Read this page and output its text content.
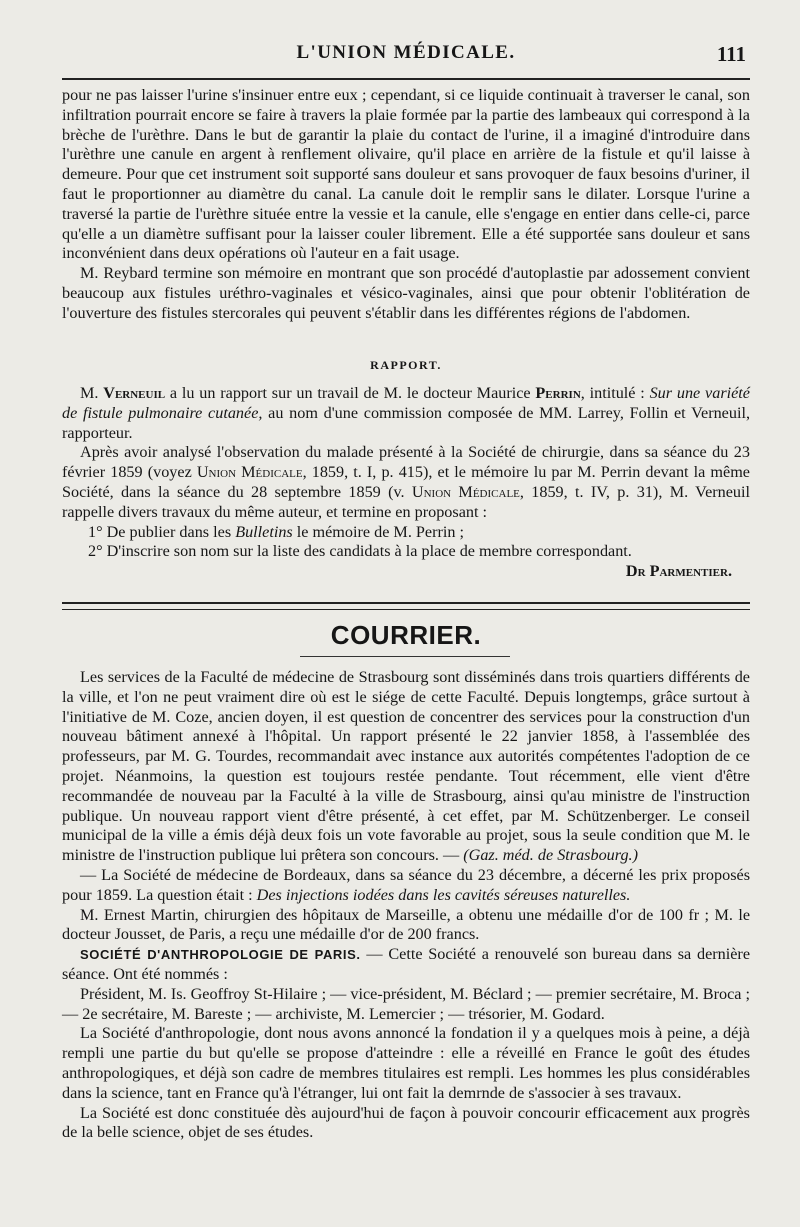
L'UNION MÉDICALE.	111

pour ne pas laisser l'urine s'insinuer entre eux ; cependant, si ce liquide continuait à traverser le canal, son infiltration pourrait encore se faire à travers la plaie formée par la partie des lambeaux qui correspond à la brèche de l'urèthre. Dans le but de garantir la plaie du contact de l'urine, il a imaginé d'introduire dans l'urèthre une canule en argent à renflement olivaire, qu'il place en arrière de la fistule et qu'il laisse à demeure. Pour que cet instrument soit supporté sans douleur et sans provoquer de faux besoins d'uriner, il faut le proportionner au diamètre du canal. La canule doit le remplir sans le dilater. Lorsque l'urine a traversé la partie de l'urèthre située entre la vessie et la canule, elle s'engage en entier dans celle-ci, parce qu'elle a un diamètre suffisant pour la laisser couler librement. Elle a été supportée sans douleur et sans inconvénient dans deux opérations où l'auteur en a fait usage.

M. Reybard termine son mémoire en montrant que son procédé d'autoplastie par adossement convient beaucoup aux fistules uréthro-vaginales et vésico-vaginales, ainsi que pour obtenir l'oblitération de l'ouverture des fistules stercorales qui peuvent s'établir dans les différentes régions de l'abdomen.

RAPPORT.

M. Verneuil a lu un rapport sur un travail de M. le docteur Maurice Perrin, intitulé : Sur une variété de fistule pulmonaire cutanée, au nom d'une commission composée de MM. Larrey, Follin et Verneuil, rapporteur.

Après avoir analysé l'observation du malade présenté à la Société de chirurgie, dans sa séance du 23 février 1859 (voyez Union Médicale, 1859, t. I, p. 415), et le mémoire lu par M. Perrin devant la même Société, dans la séance du 28 septembre 1859 (v. Union Médicale, 1859, t. IV, p. 31), M. Verneuil rappelle divers travaux du même auteur, et termine en proposant :

1° De publier dans les Bulletins le mémoire de M. Perrin ;

2° D'inscrire son nom sur la liste des candidats à la place de membre correspondant.

Dr Parmentier.
COURRIER.

Les services de la Faculté de médecine de Strasbourg sont disséminés dans trois quartiers différents de la ville, et l'on ne peut vraiment dire où est le siége de cette Faculté. Depuis longtemps, grâce surtout à l'initiative de M. Coze, ancien doyen, il est question de concentrer des services pour la construction d'un nouveau bâtiment annexé à l'hôpital. Un rapport présenté le 22 janvier 1858, à l'assemblée des professeurs, par M. G. Tourdes, recommandait avec instance aux autorités compétentes l'adoption de ce projet. Néanmoins, la question est toujours restée pendante. Tout récemment, elle vient d'être recommandée de nouveau par la Faculté à la ville de Strasbourg, ainsi qu'au ministre de l'instruction publique. Un nouveau rapport vient d'être présenté, à cet effet, par M. Schützenberger. Le conseil municipal de la ville a émis déjà deux fois un vote favorable au projet, sous la seule condition que M. le ministre de l'instruction publique lui prêtera son concours. — (Gaz. méd. de Strasbourg.)

— La Société de médecine de Bordeaux, dans sa séance du 23 décembre, a décerné les prix proposés pour 1859. La question était : Des injections iodées dans les cavités séreuses naturelles.

M. Ernest Martin, chirurgien des hôpitaux de Marseille, a obtenu une médaille d'or de 100 fr ; M. le docteur Jousset, de Paris, a reçu une médaille d'or de 200 francs.

SOCIÉTÉ D'ANTHROPOLOGIE DE PARIS. — Cette Société a renouvelé son bureau dans sa dernière séance. Ont été nommés :

Président, M. Is. Geoffroy St-Hilaire ; — vice-président, M. Béclard ; — premier secrétaire, M. Broca ; — 2e secrétaire, M. Bareste ; — archiviste, M. Lemercier ; — trésorier, M. Godard.

La Société d'anthropologie, dont nous avons annoncé la fondation il y a quelques mois à peine, a déjà rempli une partie du but qu'elle se propose d'atteindre : elle a réveillé en France le goût des études anthropologiques, et déjà son cadre de membres titulaires est rempli. Les hommes les plus considérables dans la science, tant en France qu'à l'étranger, lui ont fait la demrnde de s'associer à ses travaux.

La Société est donc constituée dès aujourd'hui de façon à pouvoir concourir efficacement aux progrès de la belle science, objet de ses études.
